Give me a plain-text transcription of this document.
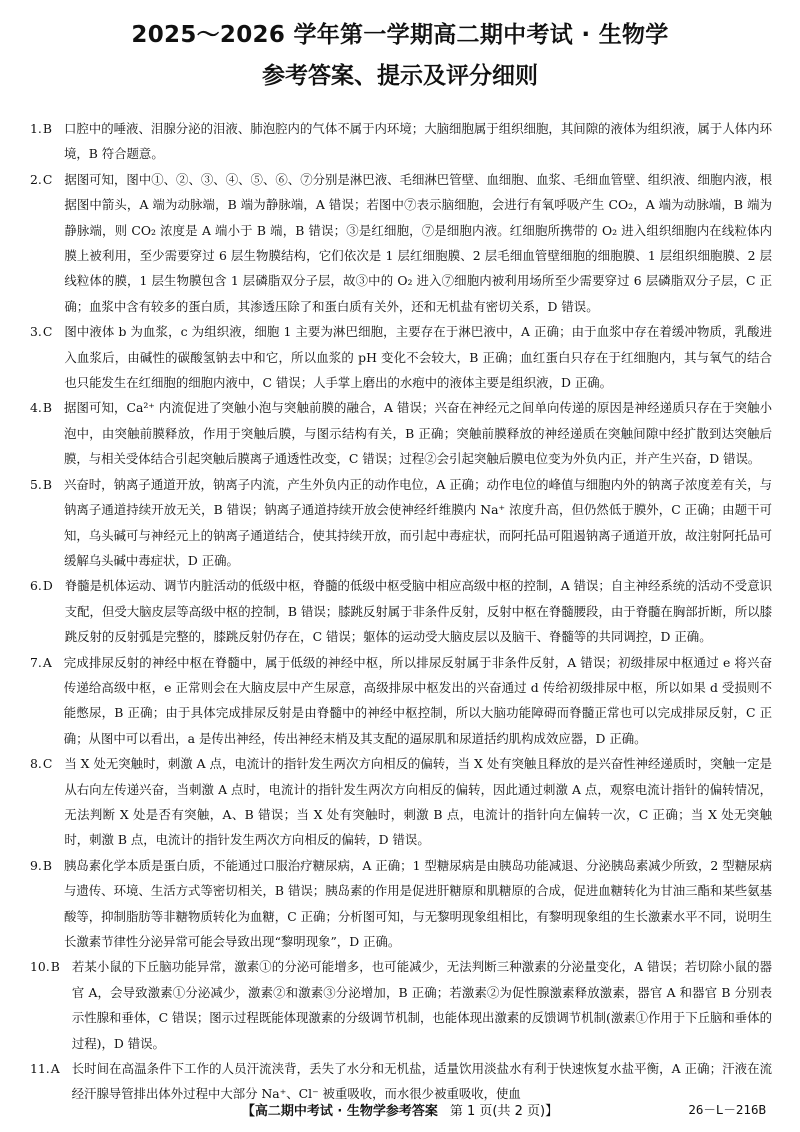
2025～2026 学年第一学期高二期中考试 · 生物学
参考答案、提示及评分细则
1. B 口腔中的唾液、泪腺分泌的泪液、肺泡腔内的气体不属于内环境；大脑细胞属于组织细胞，其间隙的液体为组织液，属于人体内环境，B 符合题意。
2. C 据图可知，图中①、②、③、④、⑤、⑥、⑦分别是淋巴液、毛细淋巴管壁、血细胞、血浆、毛细血管壁、组织液、细胞内液，根据图中箭头，A 端为动脉端，B 端为静脉端，A 错误；若图中⑦表示脑细胞，会进行有氧呼吸产生 CO₂，A 端为动脉端，B 端为静脉端，则 CO₂ 浓度是 A 端小于 B 端，B 错误；③是红细胞，⑦是细胞内液。红细胞所携带的 O₂ 进入组织细胞内在线粒体内膜上被利用，至少需要穿过 6 层生物膜结构，它们依次是 1 层红细胞膜、2 层毛细血管壁细胞的细胞膜、1 层组织细胞膜、2 层线粒体的膜，1 层生物膜包含 1 层磷脂双分子层，故③中的 O₂ 进入⑦细胞内被利用场所至少需要穿过 6 层磷脂双分子层，C 正确；血浆中含有较多的蛋白质，其渗透压除了和蛋白质有关外，还和无机盐有密切关系，D 错误。
3. C 图中液体 b 为血浆，c 为组织液，细胞 1 主要为淋巴细胞，主要存在于淋巴液中，A 正确；由于血浆中存在着缓冲物质，乳酸进入血浆后，由碱性的碳酸氢钠去中和它，所以血浆的 pH 变化不会较大，B 正确；血红蛋白只存在于红细胞内，其与氧气的结合也只能发生在红细胞的细胞内液中，C 错误；人手掌上磨出的水疱中的液体主要是组织液，D 正确。
4. B 据图可知，Ca²⁺ 内流促进了突触小泡与突触前膜的融合，A 错误；兴奋在神经元之间单向传递的原因是神经递质只存在于突触小泡中，由突触前膜释放，作用于突触后膜，与图示结构有关，B 正确；突触前膜释放的神经递质在突触间隙中经扩散到达突触后膜，与相关受体结合引起突触后膜离子通透性改变，C 错误；过程②会引起突触后膜电位变为外负内正，并产生兴奋，D 错误。
5. B 兴奋时，钠离子通道开放，钠离子内流，产生外负内正的动作电位，A 正确；动作电位的峰值与细胞内外的钠离子浓度差有关，与钠离子通道持续开放无关，B 错误；钠离子通道持续开放会使神经纤维膜内 Na⁺ 浓度升高，但仍然低于膜外，C 正确；由题干可知，乌头碱可与神经元上的钠离子通道结合，使其持续开放，而引起中毒症状，而阿托品可阻遏钠离子通道开放，故注射阿托品可缓解乌头碱中毒症状，D 正确。
6. D 脊髓是机体运动、调节内脏活动的低级中枢，脊髓的低级中枢受脑中相应高级中枢的控制，A 错误；自主神经系统的活动不受意识支配，但受大脑皮层等高级中枢的控制，B 错误；膝跳反射属于非条件反射，反射中枢在脊髓腰段，由于脊髓在胸部折断，所以膝跳反射的反射弧是完整的，膝跳反射仍存在，C 错误；躯体的运动受大脑皮层以及脑干、脊髓等的共同调控，D 正确。
7. A 完成排尿反射的神经中枢在脊髓中，属于低级的神经中枢，所以排尿反射属于非条件反射，A 错误；初级排尿中枢通过 e 将兴奋传递给高级中枢，e 正常则会在大脑皮层中产生尿意，高级排尿中枢发出的兴奋通过 d 传给初级排尿中枢，所以如果 d 受损则不能憋尿，B 正确；由于具体完成排尿反射是由脊髓中的神经中枢控制，所以大脑功能障碍而脊髓正常也可以完成排尿反射，C 正确；从图中可以看出，a 是传出神经，传出神经末梢及其支配的逼尿肌和尿道括约肌构成效应器，D 正确。
8. C 当 X 处无突触时，刺激 A 点，电流计的指针发生两次方向相反的偏转，当 X 处有突触且释放的是兴奋性神经递质时，突触一定是从右向左传递兴奋，当刺激 A 点时，电流计的指针发生两次方向相反的偏转，因此通过刺激 A 点，观察电流计指针的偏转情况，无法判断 X 处是否有突触，A、B 错误；当 X 处有突触时，刺激 B 点，电流计的指针向左偏转一次，C 正确；当 X 处无突触时，刺激 B 点，电流计的指针发生两次方向相反的偏转，D 错误。
9. B 胰岛素化学本质是蛋白质，不能通过口服治疗糖尿病，A 正确；1 型糖尿病是由胰岛功能减退、分泌胰岛素减少所致，2 型糖尿病与遗传、环境、生活方式等密切相关，B 错误；胰岛素的作用是促进肝糖原和肌糖原的合成，促进血糖转化为甘油三酯和某些氨基酸等，抑制脂肪等非糖物质转化为血糖，C 正确；分析图可知，与无黎明现象组相比，有黎明现象组的生长激素水平不同，说明生长激素节律性分泌异常可能会导致出现“黎明现象”，D 正确。
10. B 若某小鼠的下丘脑功能异常，激素①的分泌可能增多，也可能减少，无法判断三种激素的分泌量变化，A 错误；若切除小鼠的器官 A，会导致激素①分泌减少，激素②和激素③分泌增加，B 正确；若激素②为促性腺激素释放激素，器官 A 和器官 B 分别表示性腺和垂体，C 错误；图示过程既能体现激素的分级调节机制，也能体现出激素的反馈调节机制(激素①作用于下丘脑和垂体的过程)，D 错误。
11. A 长时间在高温条件下工作的人员汗流浃背，丢失了水分和无机盐，适量饮用淡盐水有利于快速恢复水盐平衡，A 正确；汗液在流经汗腺导管排出体外过程中大部分 Na⁺、Cl⁻ 被重吸收，而水很少被重吸收，使血
【高二期中考试 · 生物学参考答案 第 1 页(共 2 页)】	26－L－216B
